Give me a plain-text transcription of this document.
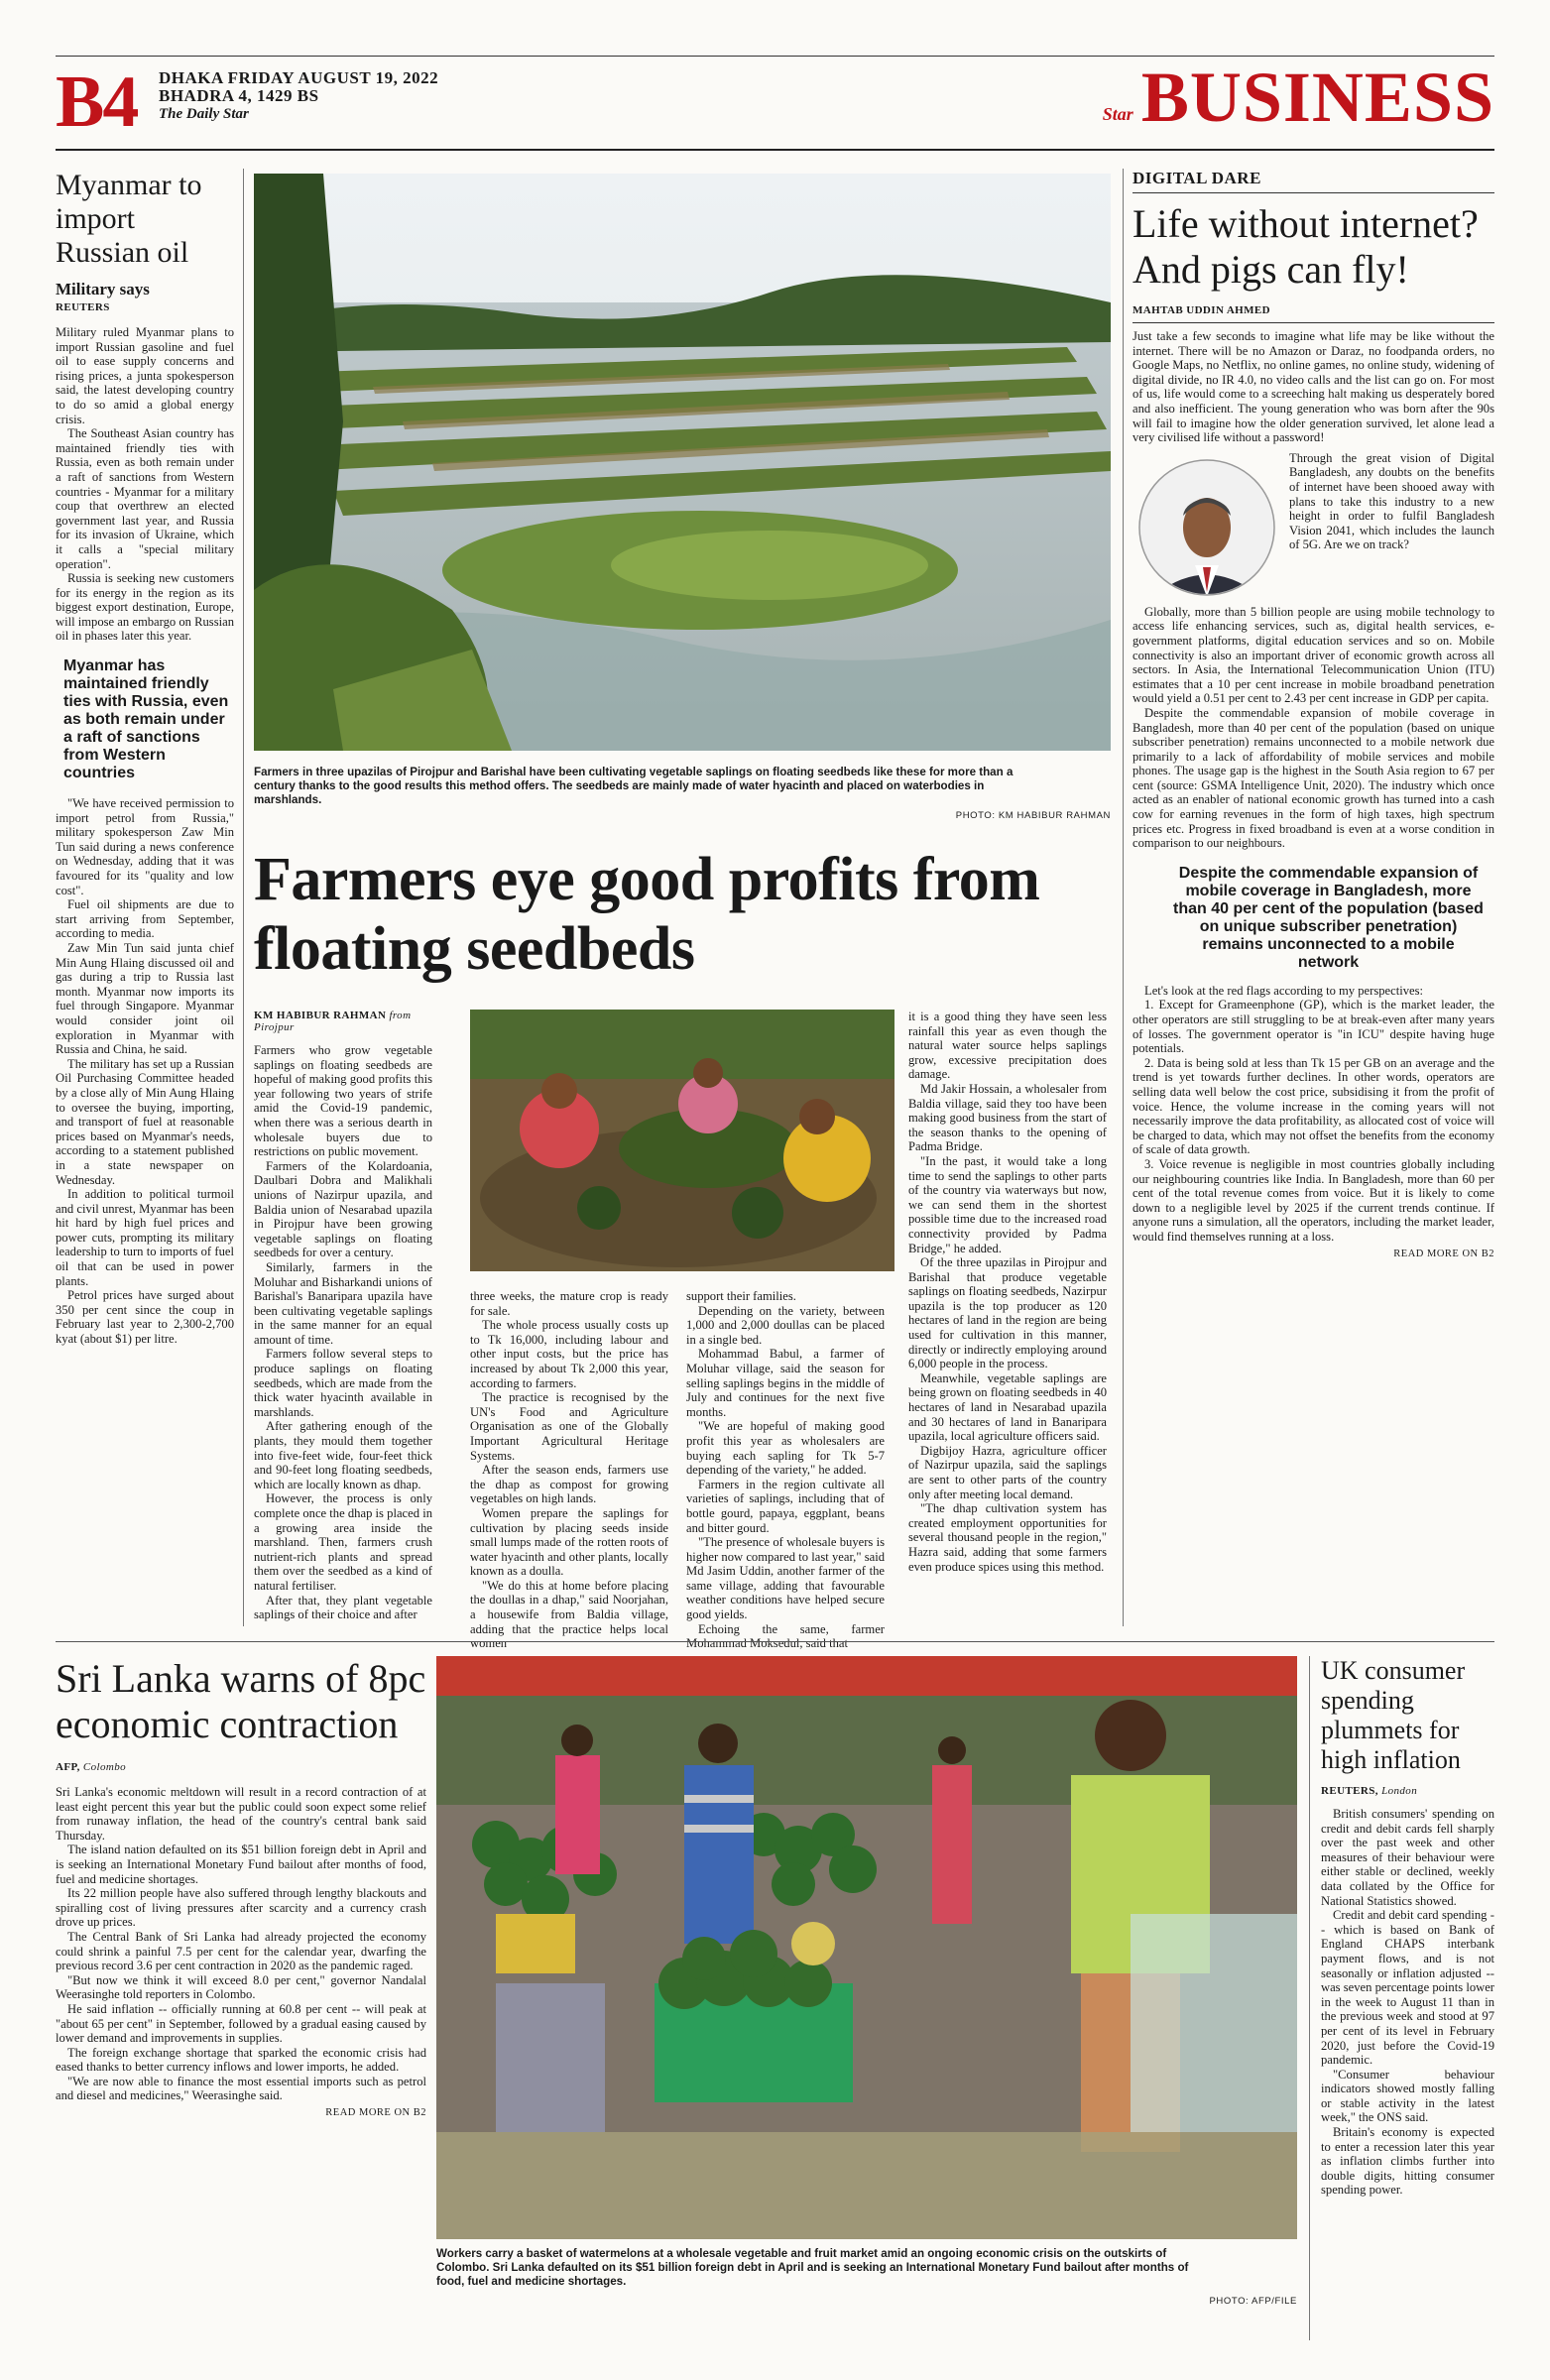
B4 DHAKA FRIDAY AUGUST 19, 2022
BHADRA 4, 1429 BS
The Daily Star	Star BUSINESS
Myanmar to import Russian oil
Military says
REUTERS

Military ruled Myanmar plans to import Russian gasoline and fuel oil to ease supply concerns and rising prices, a junta spokesperson said, the latest developing country to do so amid a global energy crisis.

The Southeast Asian country has maintained friendly ties with Russia, even as both remain under a raft of sanctions from Western countries - Myanmar for a military coup that overthrew an elected government last year, and Russia for its invasion of Ukraine, which it calls a "special military operation".

Russia is seeking new customers for its energy in the region as its biggest export destination, Europe, will impose an embargo on Russian oil in phases later this year.

Myanmar has maintained friendly ties with Russia, even as both remain under a raft of sanctions from Western countries

"We have received permission to import petrol from Russia," military spokesperson Zaw Min Tun said during a news conference on Wednesday, adding that it was favoured for its "quality and low cost".

Fuel oil shipments are due to start arriving from September, according to media.

Zaw Min Tun said junta chief Min Aung Hlaing discussed oil and gas during a trip to Russia last month. Myanmar now imports its fuel through Singapore. Myanmar would consider joint oil exploration in Myanmar with Russia and China, he said.

The military has set up a Russian Oil Purchasing Committee headed by a close ally of Min Aung Hlaing to oversee the buying, importing, and transport of fuel at reasonable prices based on Myanmar's needs, according to a statement published in a state newspaper on Wednesday.

In addition to political turmoil and civil unrest, Myanmar has been hit hard by high fuel prices and power cuts, prompting its military leadership to turn to imports of fuel oil that can be used in power plants.

Petrol prices have surged about 350 per cent since the coup in February last year to 2,300-2,700 kyat (about $1) per litre.

Farmers in three upazilas of Pirojpur and Barishal have been cultivating vegetable saplings on floating seedbeds like these for more than a century thanks to the good results this method offers. The seedbeds are mainly made of water hyacinth and placed on waterbodies in marshlands.
PHOTO: KM HABIBUR RAHMAN
Farmers eye good profits from floating seedbeds
KM HABIBUR RAHMAN from Pirojpur

Farmers who grow vegetable saplings on floating seedbeds are hopeful of making good profits this year following two years of strife amid the Covid-19 pandemic, when there was a serious dearth in wholesale buyers due to restrictions on public movement.

Farmers of the Kolardoania, Daulbari Dobra and Malikhali unions of Nazirpur upazila, and Baldia union of Nesarabad upazila in Pirojpur have been growing vegetable saplings on floating seedbeds for over a century.

Similarly, farmers in the Moluhar and Bisharkandi unions of Barishal's Banaripara upazila have been cultivating vegetable saplings in the same manner for an equal amount of time.

Farmers follow several steps to produce saplings on floating seedbeds, which are made from the thick water hyacinth available in marshlands.

After gathering enough of the plants, they mould them together into five-feet wide, four-feet thick and 90-feet long floating seedbeds, which are locally known as dhap.

However, the process is only complete once the dhap is placed in a growing area inside the marshland. Then, farmers crush nutrient-rich plants and spread them over the seedbed as a kind of natural fertiliser.

After that, they plant vegetable saplings of their choice and after

three weeks, the mature crop is ready for sale.

The whole process usually costs up to Tk 16,000, including labour and other input costs, but the price has increased by about Tk 2,000 this year, according to farmers.

The practice is recognised by the UN's Food and Agriculture Organisation as one of the Globally Important Agricultural Heritage Systems.

After the season ends, farmers use the dhap as compost for growing vegetables on high lands.

Women prepare the saplings for cultivation by placing seeds inside small lumps made of the rotten roots of water hyacinth and other plants, locally known as a doulla.

"We do this at home before placing the doullas in a dhap," said Noorjahan, a housewife from Baldia village, adding that the practice helps local women

support their families.

Depending on the variety, between 1,000 and 2,000 doullas can be placed in a single bed.

Mohammad Babul, a farmer of Moluhar village, said the season for selling saplings begins in the middle of July and continues for the next five months.

"We are hopeful of making good profit this year as wholesalers are buying each sapling for Tk 5-7 depending of the variety," he added.

Farmers in the region cultivate all varieties of saplings, including that of bottle gourd, papaya, eggplant, beans and bitter gourd.

"The presence of wholesale buyers is higher now compared to last year," said Md Jasim Uddin, another farmer of the same village, adding that favourable weather conditions have helped secure good yields.

Echoing the same, farmer Mohammad Moksedul, said that

it is a good thing they have seen less rainfall this year as even though the natural water source helps saplings grow, excessive precipitation does damage.

Md Jakir Hossain, a wholesaler from Baldia village, said they too have been making good business from the start of the season thanks to the opening of Padma Bridge.

"In the past, it would take a long time to send the saplings to other parts of the country via waterways but now, we can send them in the shortest possible time due to the increased road connectivity provided by Padma Bridge," he added.

Of the three upazilas in Pirojpur and Barishal that produce vegetable saplings on floating seedbeds, Nazirpur upazila is the top producer as 120 hectares of land in the region are being used for cultivation in this manner, directly or indirectly employing around 6,000 people in the process.

Meanwhile, vegetable saplings are being grown on floating seedbeds in 40 hectares of land in Nesarabad upazila and 30 hectares of land in Banaripara upazila, local agriculture officers said.

Digbijoy Hazra, agriculture officer of Nazirpur upazila, said the saplings are sent to other parts of the country only after meeting local demand.

"The dhap cultivation system has created employment opportunities for several thousand people in the region," Hazra said, adding that some farmers even produce spices using this method.

DIGITAL DARE
Life without internet? And pigs can fly!
MAHTAB UDDIN AHMED
Just take a few seconds to imagine what life may be like without the internet. There will be no Amazon or Daraz, no foodpanda orders, no Google Maps, no Netflix, no online games, no online study, widening of digital divide, no IR 4.0, no video calls and the list can go on. For most of us, life would come to a screeching halt making us desperately bored and also inefficient. The young generation who was born after the 90s will fail to imagine how the older generation survived, let alone lead a very civilised life without a password!
Through the great vision of Digital Bangladesh, any doubts on the benefits of internet have been shooed away with plans to take this industry to a new height in order to fulfil Bangladesh Vision 2041, which includes the launch of 5G. Are we on track?

Globally, more than 5 billion people are using mobile technology to access life enhancing services, such as, digital health services, e-government platforms, digital education services and so on. Mobile connectivity is also an important driver of economic growth across all sectors. In Asia, the International Telecommunication Union (ITU) estimates that a 10 per cent increase in mobile broadband penetration would yield a 0.51 per cent to 2.43 per cent increase in GDP per capita.

Despite the commendable expansion of mobile coverage in Bangladesh, more than 40 per cent of the population (based on unique subscriber penetration) remains unconnected to a mobile network due primarily to a lack of affordability of mobile services and mobile phones. The usage gap is the highest in the South Asia region to 67 per cent (source: GSMA Intelligence Unit, 2020). The industry which once acted as an enabler of national economic growth has turned into a cash cow for earning revenues in the form of high taxes, high spectrum prices etc. Progress in fixed broadband is even at a worse condition in comparison to our neighbours.

Despite the commendable expansion of mobile coverage in Bangladesh, more than 40 per cent of the population (based on unique subscriber penetration) remains unconnected to a mobile network

Let's look at the red flags according to my perspectives:

1. Except for Grameenphone (GP), which is the market leader, the other operators are still struggling to be at break-even after many years of losses. The government operator is "in ICU" despite having huge potentials.

2. Data is being sold at less than Tk 15 per GB on an average and the trend is yet towards further declines. In other words, operators are selling data well below the cost price, subsidising it from the profit of voice. Hence, the volume increase in the coming years will not necessarily improve the data profitability, as allocated cost of voice will be charged to data, which may not offset the benefits from the economy of scale of data growth.

3. Voice revenue is negligible in most countries globally including our neighbouring countries like India. In Bangladesh, more than 60 per cent of the total revenue comes from voice. But it is likely to come down to a negligible level by 2025 if the current trends continue. If anyone runs a simulation, all the operators, including the market leader, would find themselves running at a loss.

READ MORE ON B2
Sri Lanka warns of 8pc economic contraction
AFP, Colombo

Sri Lanka's economic meltdown will result in a record contraction of at least eight percent this year but the public could soon expect some relief from runaway inflation, the head of the country's central bank said Thursday.

The island nation defaulted on its $51 billion foreign debt in April and is seeking an International Monetary Fund bailout after months of food, fuel and medicine shortages.

Its 22 million people have also suffered through lengthy blackouts and spiralling cost of living pressures after scarcity and a currency crash drove up prices.

The Central Bank of Sri Lanka had already projected the economy could shrink a painful 7.5 per cent for the calendar year, dwarfing the previous record 3.6 per cent contraction in 2020 as the pandemic raged.

"But now we think it will exceed 8.0 per cent," governor Nandalal Weerasinghe told reporters in Colombo.

He said inflation -- officially running at 60.8 per cent -- will peak at "about 65 per cent" in September, followed by a gradual easing caused by lower demand and improvements in supplies.

The foreign exchange shortage that sparked the economic crisis had eased thanks to better currency inflows and lower imports, he added.

"We are now able to finance the most essential imports such as petrol and diesel and medicines," Weerasinghe said.

READ MORE ON B2
Workers carry a basket of watermelons at a wholesale vegetable and fruit market amid an ongoing economic crisis on the outskirts of Colombo. Sri Lanka defaulted on its $51 billion foreign debt in April and is seeking an International Monetary Fund bailout after months of food, fuel and medicine shortages.
PHOTO: AFP/FILE
UK consumer spending plummets for high inflation
REUTERS, London

British consumers' spending on credit and debit cards fell sharply over the past week and other measures of their behaviour were either stable or declined, weekly data collated by the Office for National Statistics showed.

Credit and debit card spending -- which is based on Bank of England CHAPS interbank payment flows, and is not seasonally or inflation adjusted -- was seven percentage points lower in the week to August 11 than in the previous week and stood at 97 per cent of its level in February 2020, just before the Covid-19 pandemic.

"Consumer behaviour indicators showed mostly falling or stable activity in the latest week," the ONS said.

Britain's economy is expected to enter a recession later this year as inflation climbs further into double digits, hitting consumer spending power.
